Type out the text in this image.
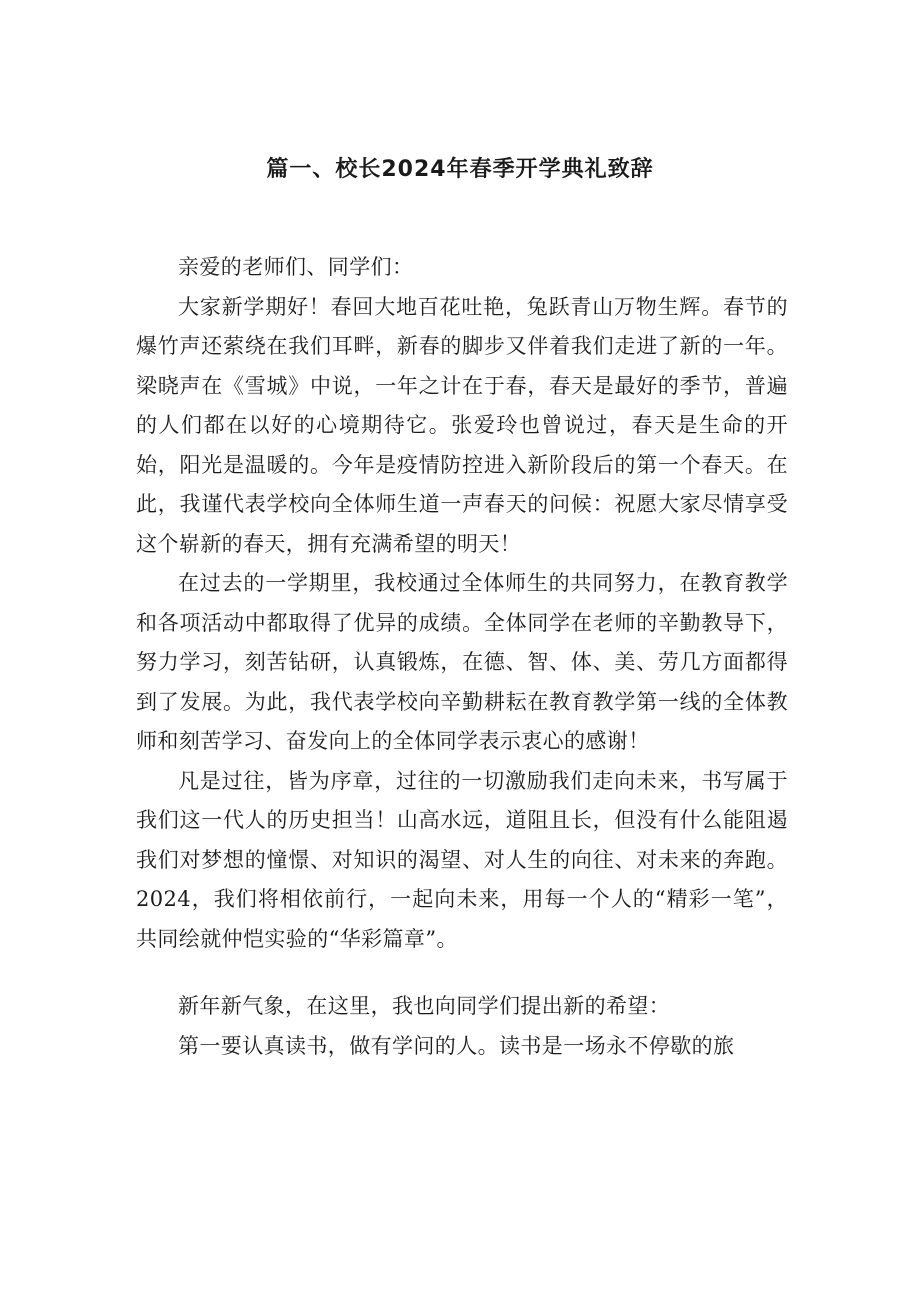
篇一、校长2024年春季开学典礼致辞

亲爱的老师们、同学们：

大家新学期好！春回大地百花吐艳，兔跃青山万物生辉。春节的爆竹声还萦绕在我们耳畔，新春的脚步又伴着我们走进了新的一年。梁晓声在《雪城》中说，一年之计在于春，春天是最好的季节，普遍的人们都在以好的心境期待它。张爱玲也曾说过，春天是生命的开始，阳光是温暖的。今年是疫情防控进入新阶段后的第一个春天。在此，我谨代表学校向全体师生道一声春天的问候：祝愿大家尽情享受这个崭新的春天，拥有充满希望的明天！

在过去的一学期里，我校通过全体师生的共同努力，在教育教学和各项活动中都取得了优异的成绩。全体同学在老师的辛勤教导下，努力学习，刻苦钻研，认真锻炼，在德、智、体、美、劳几方面都得到了发展。为此，我代表学校向辛勤耕耘在教育教学第一线的全体教师和刻苦学习、奋发向上的全体同学表示衷心的感谢！

凡是过往，皆为序章，过往的一切激励我们走向未来，书写属于我们这一代人的历史担当！山高水远，道阻且长，但没有什么能阻遏我们对梦想的憧憬、对知识的渴望、对人生的向往、对未来的奔跑。2024，我们将相依前行，一起向未来，用每一个人的“精彩一笔”，共同绘就仲恺实验的“华彩篇章”。

新年新气象，在这里，我也向同学们提出新的希望：

第一要认真读书，做有学问的人。读书是一场永不停歇的旅
